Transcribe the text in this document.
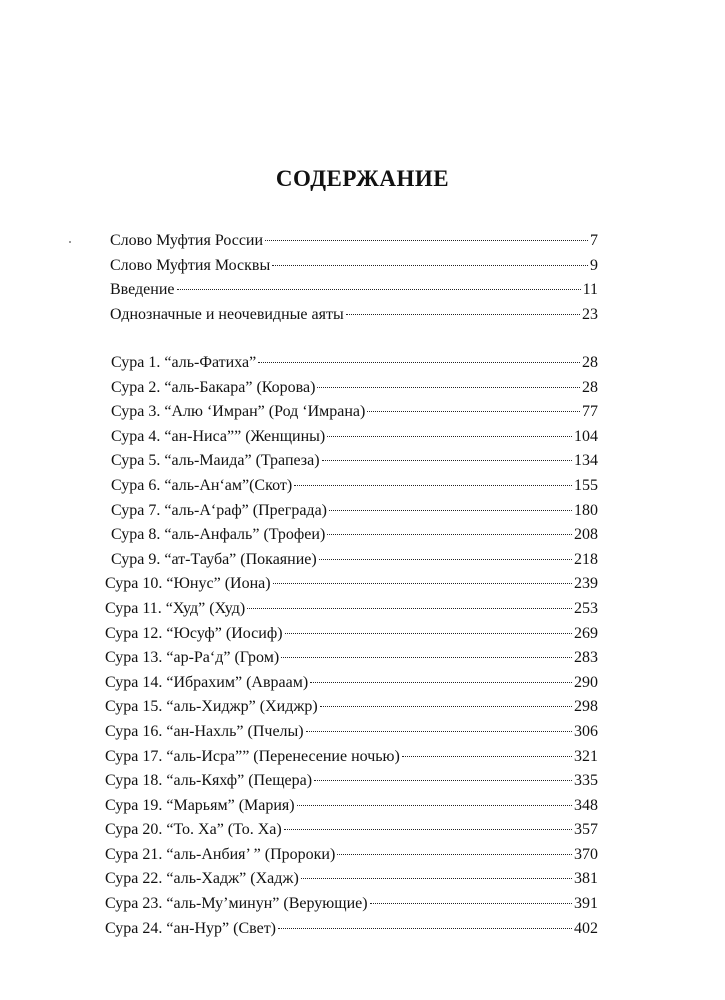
СОДЕРЖАНИЕ
Слово Муфтия России	7
Слово Муфтия Москвы	9
Введение	11
Однозначные и неочевидные аяты	23
Сура 1. “аль-Фатиха”	28
Сура 2. “аль-Бакара” (Корова)	28
Сура 3. “Алю ‘Имран” (Род ‘Имрана)	77
Сура 4. “ан-Ниса”” (Женщины)	104
Сура 5. “аль-Маида” (Трапеза)	134
Сура 6. “аль-Ан‘ам”(Скот)	155
Сура 7. “аль-А‘раф” (Преграда)	180
Сура 8. “аль-Анфаль” (Трофеи)	208
Сура 9. “ат-Тауба” (Покаяние)	218
Сура 10. “Юнус” (Иона)	239
Сура 11. “Худ” (Худ)	253
Сура 12. “Юсуф” (Иосиф)	269
Сура 13. “ар-Ра‘д” (Гром)	283
Сура 14. “Ибрахим” (Авраам)	290
Сура 15. “аль-Хиджр” (Хиджр)	298
Сура 16. “ан-Нахль” (Пчелы)	306
Сура 17. “аль-Исра”” (Перенесение ночью)	321
Сура 18. “аль-Кяхф” (Пещера)	335
Сура 19. “Марьям” (Мария)	348
Сура 20. “То. Ха” (То. Ха)	357
Сура 21. “аль-Анбия’ ” (Пророки)	370
Сура 22. “аль-Хадж” (Хадж)	381
Сура 23. “аль-Му’минун” (Верующие)	391
Сура 24. “ан-Нур” (Свет)	402
